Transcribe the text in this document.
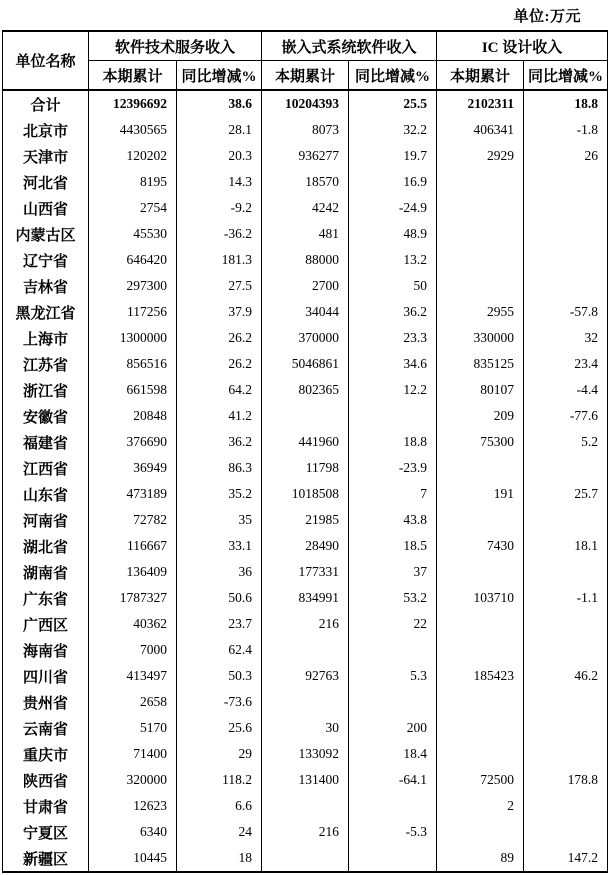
单位:万元
单位名称	软件技术服务收入		嵌入式系统软件收入		IC 设计收入	
	本期累计	同比增减%	本期累计	同比增减%	本期累计	同比增减%
合计	12396692	38.6	10204393	25.5	2102311	18.8
北京市	4430565	28.1	8073	32.2	406341	-1.8
天津市	120202	20.3	936277	19.7	2929	26
河北省	8195	14.3	18570	16.9		
山西省	2754	-9.2	4242	-24.9		
内蒙古区	45530	-36.2	481	48.9		
辽宁省	646420	181.3	88000	13.2		
吉林省	297300	27.5	2700	50		
黑龙江省	117256	37.9	34044	36.2	2955	-57.8
上海市	1300000	26.2	370000	23.3	330000	32
江苏省	856516	26.2	5046861	34.6	835125	23.4
浙江省	661598	64.2	802365	12.2	80107	-4.4
安徽省	20848	41.2			209	-77.6
福建省	376690	36.2	441960	18.8	75300	5.2
江西省	36949	86.3	11798	-23.9		
山东省	473189	35.2	1018508	7	191	25.7
河南省	72782	35	21985	43.8		
湖北省	116667	33.1	28490	18.5	7430	18.1
湖南省	136409	36	177331	37		
广东省	1787327	50.6	834991	53.2	103710	-1.1
广西区	40362	23.7	216	22		
海南省	7000	62.4				
四川省	413497	50.3	92763	5.3	185423	46.2
贵州省	2658	-73.6				
云南省	5170	25.6	30	200		
重庆市	71400	29	133092	18.4		
陕西省	320000	118.2	131400	-64.1	72500	178.8
甘肃省	12623	6.6			2	
宁夏区	6340	24	216	-5.3		
新疆区	10445	18			89	147.2
